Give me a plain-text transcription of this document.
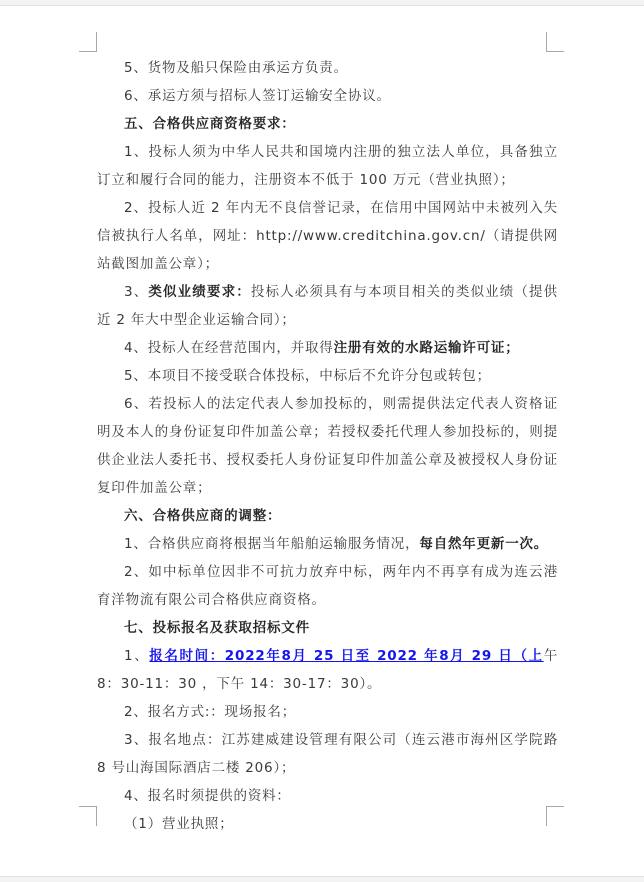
5、货物及船只保险由承运方负责。

6、承运方须与招标人签订运输安全协议。

五、合格供应商资格要求：

1、投标人须为中华人民共和国境内注册的独立法人单位，具备独立订立和履行合同的能力，注册资本不低于 100 万元（营业执照）；

2、投标人近 2 年内无不良信誉记录，在信用中国网站中未被列入失信被执行人名单，网址：http://www.creditchina.gov.cn/（请提供网站截图加盖公章）；

3、类似业绩要求：投标人必须具有与本项目相关的类似业绩（提供近 2 年大中型企业运输合同）；

4、投标人在经营范围内，并取得注册有效的水路运输许可证；

5、本项目不接受联合体投标，中标后不允许分包或转包；

6、若投标人的法定代表人参加投标的，则需提供法定代表人资格证明及本人的身份证复印件加盖公章；若授权委托代理人参加投标的，则提供企业法人委托书、授权委托人身份证复印件加盖公章及被授权人身份证复印件加盖公章；

六、合格供应商的调整：

1、合格供应商将根据当年船舶运输服务情况，每自然年更新一次。

2、如中标单位因非不可抗力放弃中标，两年内不再享有成为连云港育洋物流有限公司合格供应商资格。

七、投标报名及获取招标文件

1、报名时间：2022年8月 25 日至 2022 年8月 29 日（上午 8：30-11：30 ，下午 14：30-17：30）。

2、报名方式:：现场报名；

3、报名地点：江苏建威建设管理有限公司（连云港市海州区学院路 8 号山海国际酒店二楼 206）；

4、报名时须提供的资料：

（1）营业执照；
